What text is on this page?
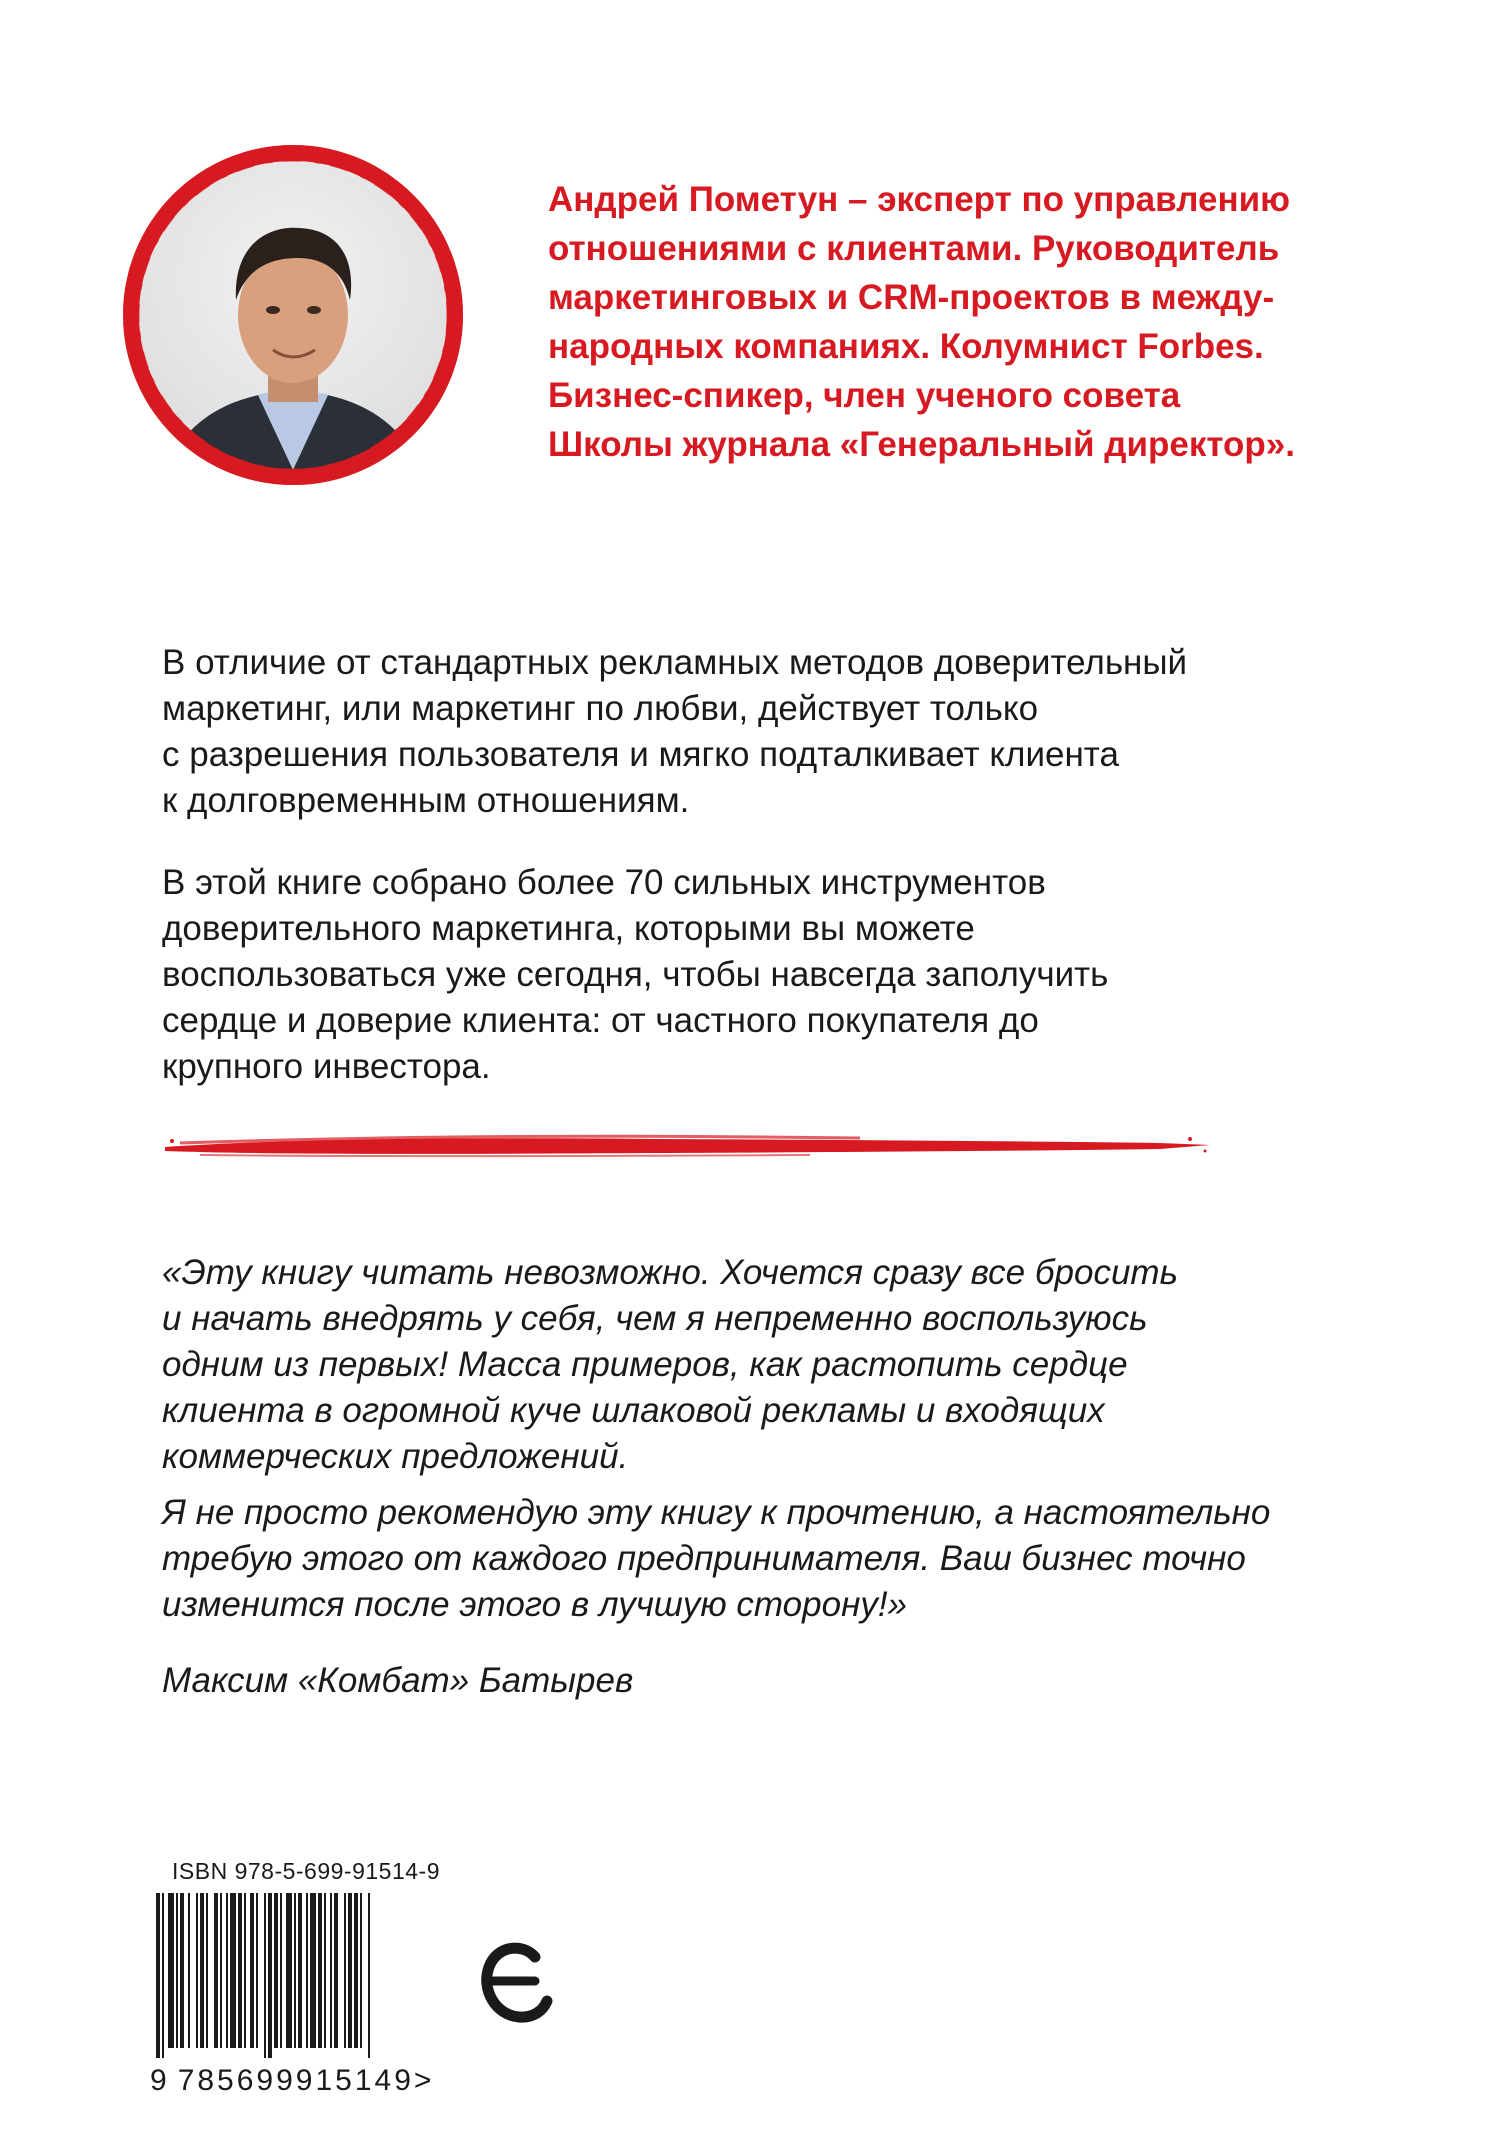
Андрей Пометун – эксперт по управлению
отношениями с клиентами. Руководитель
маркетинговых и CRM-проектов в между-
народных компаниях. Колумнист Forbes.
Бизнес-спикер, член ученого совета
Школы журнала «Генеральный директор».

В отличие от стандартных рекламных методов доверительный
маркетинг, или маркетинг по любви, действует только
с разрешения пользователя и мягко подталкивает клиента
к долговременным отношениям.

В этой книге собрано более 70 сильных инструментов
доверительного маркетинга, которыми вы можете
воспользоваться уже сегодня, чтобы навсегда заполучить
сердце и доверие клиента: от частного покупателя до
крупного инвестора.

«Эту книгу читать невозможно. Хочется сразу все бросить
и начать внедрять у себя, чем я непременно воспользуюсь
одним из первых! Масса примеров, как растопить сердце
клиента в огромной куче шлаковой рекламы и входящих
коммерческих предложений.

Я не просто рекомендую эту книгу к прочтению, а настоятельно
требую этого от каждого предпринимателя. Ваш бизнес точно
изменится после этого в лучшую сторону!»

Максим «Комбат» Батырев

ISBN 978-5-699-91514-9
9 785699915149>
